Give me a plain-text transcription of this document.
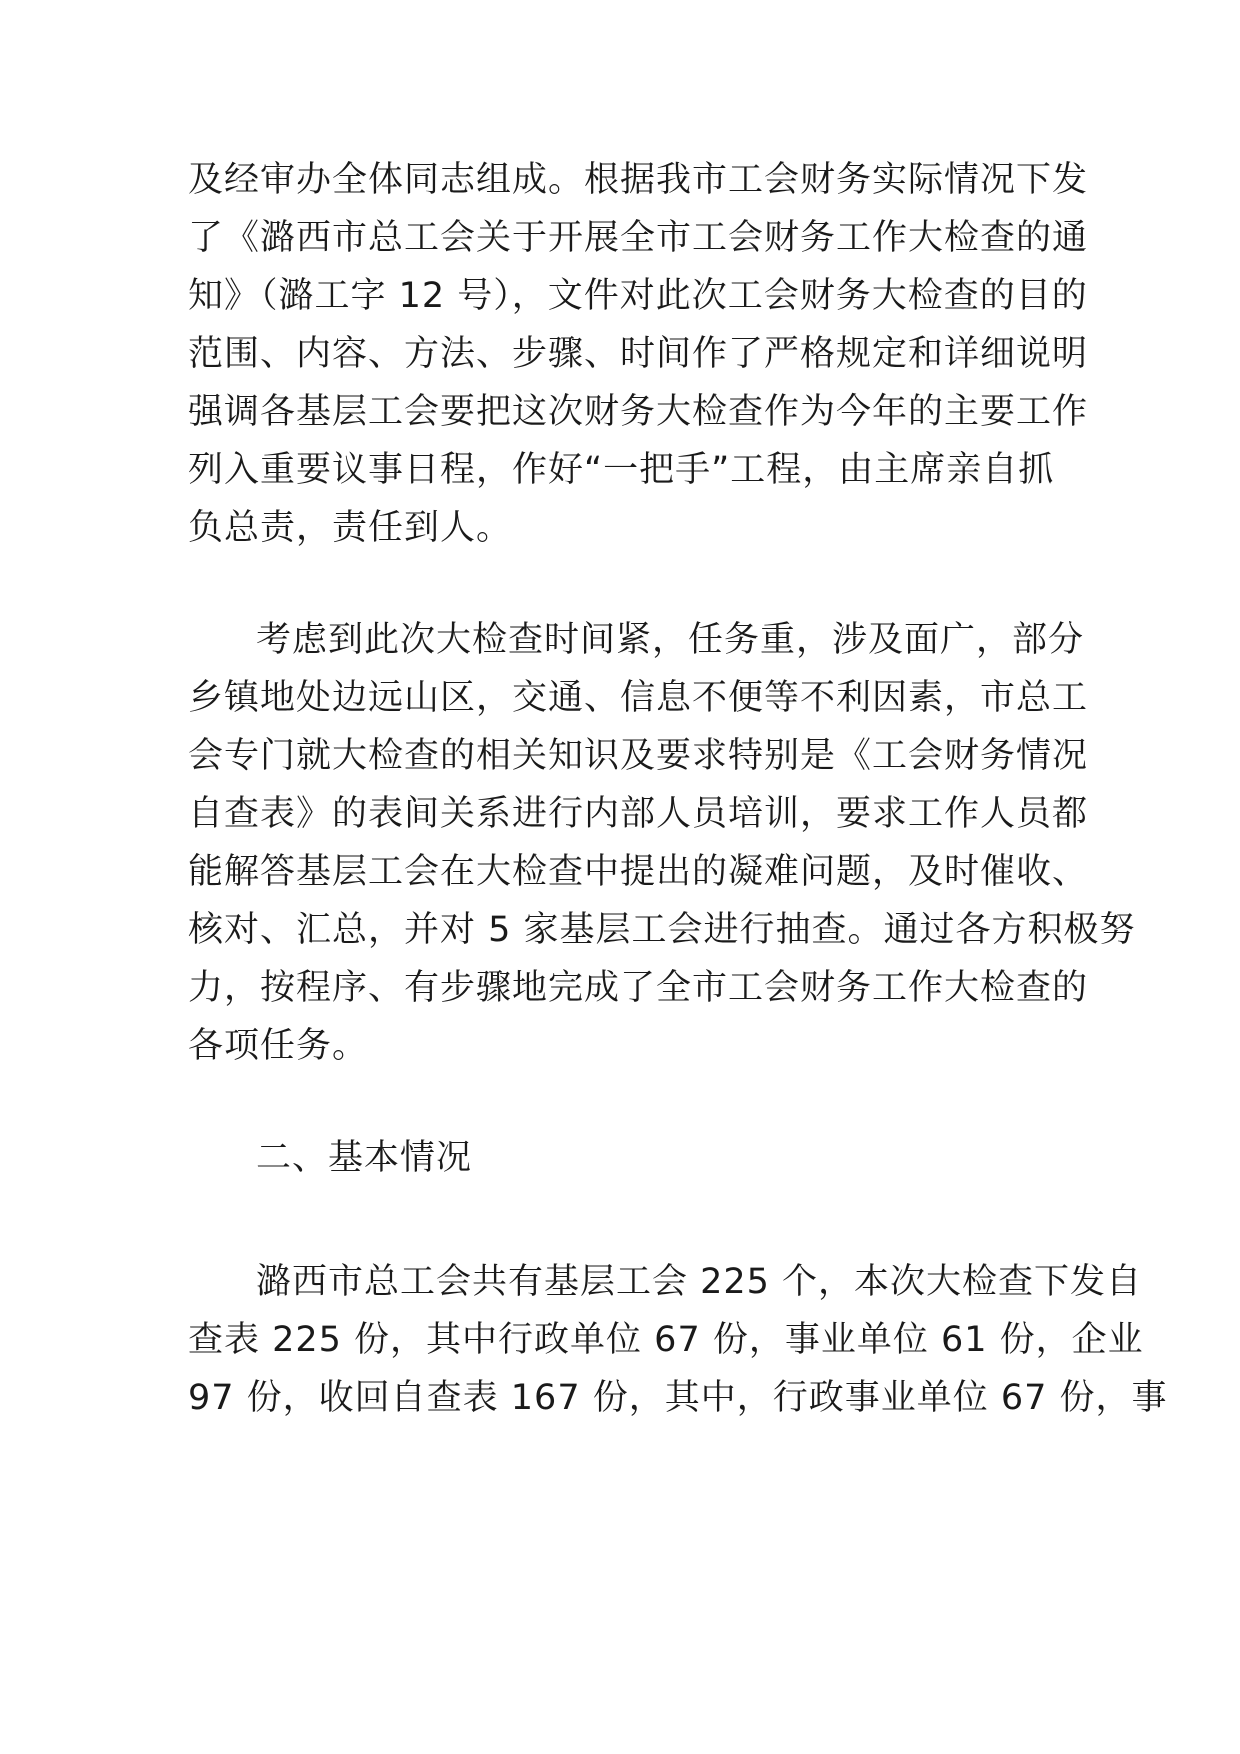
及经审办全体同志组成。根据我市工会财务实际情况下发
了《潞西市总工会关于开展全市工会财务工作大检查的通
知》（潞工字 12 号），文件对此次工会财务大检查的目的
范围、内容、方法、步骤、时间作了严格规定和详细说明
强调各基层工会要把这次财务大检查作为今年的主要工作
列入重要议事日程，作好“一把手”工程，由主席亲自抓
负总责，责任到人。
考虑到此次大检查时间紧，任务重，涉及面广，部分
乡镇地处边远山区，交通、信息不便等不利因素，市总工
会专门就大检查的相关知识及要求特别是《工会财务情况
自查表》的表间关系进行内部人员培训，要求工作人员都
能解答基层工会在大检查中提出的凝难问题，及时催收、
核对、汇总，并对 5 家基层工会进行抽查。通过各方积极努
力，按程序、有步骤地完成了全市工会财务工作大检查的
各项任务。
二、基本情况
潞西市总工会共有基层工会 225 个，本次大检查下发自
查表 225 份，其中行政单位 67 份，事业单位 61 份，企业
97 份，收回自查表 167 份，其中，行政事业单位 67 份，事
